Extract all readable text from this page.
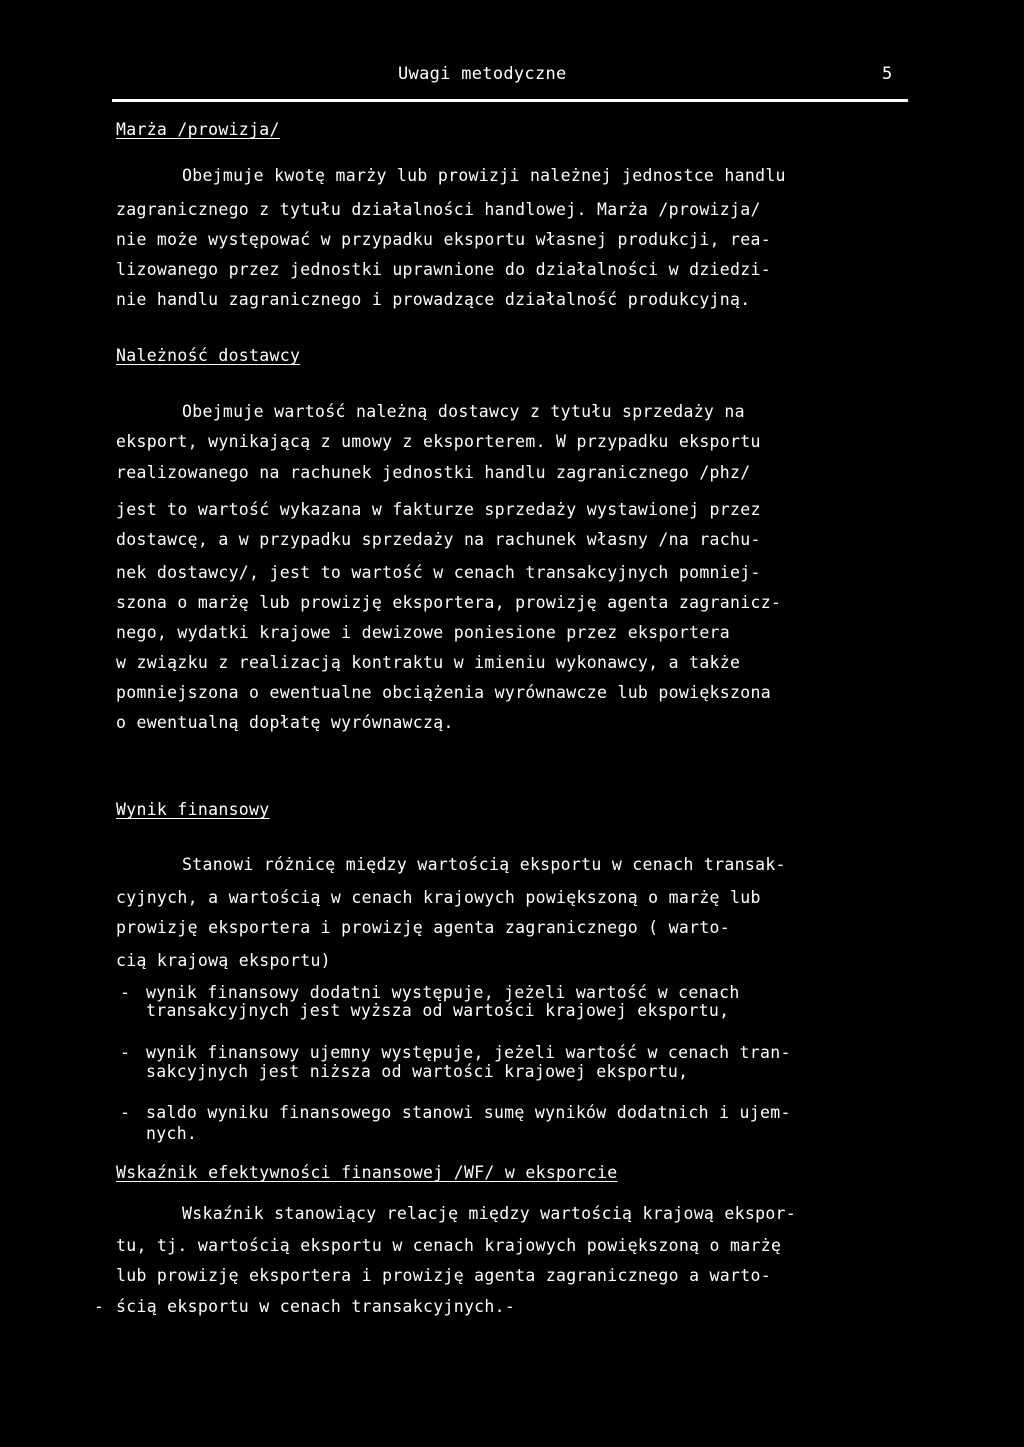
Uwagi metodyczne	5
Marża /prowizja/
Obejmuje kwotę marży lub prowizji należnej jednostce handlu
zagranicznego z tytułu działalności handlowej. Marża /prowizja/
nie może występować w przypadku eksportu własnej produkcji, rea-
lizowanego przez jednostki uprawnione do działalności w dziedzi-
nie handlu zagranicznego i prowadzące działalność produkcyjną.
Należność dostawcy
Obejmuje wartość należną dostawcy z tytułu sprzedaży na
eksport, wynikającą z umowy z eksporterem. W przypadku eksportu
realizowanego na rachunek jednostki handlu zagranicznego /phz/
jest to wartość wykazana w fakturze sprzedaży wystawionej przez
dostawcę, a w przypadku sprzedaży na rachunek własny /na rachu-
nek dostawcy/, jest to wartość w cenach transakcyjnych pomniej-
szona o marżę lub prowizję eksportera, prowizję agenta zagranicz-
nego, wydatki krajowe i dewizowe poniesione przez eksportera
w związku z realizacją kontraktu w imieniu wykonawcy, a także
pomniejszona o ewentualne obciążenia wyrównawcze lub powiększona
o ewentualną dopłatę wyrównawczą.
Wynik finansowy
Stanowi różnicę między wartością eksportu w cenach transak-
cyjnych, a wartością w cenach krajowych powiększoną o marżę lub
prowizję eksportera i prowizję agenta zagranicznego ( warto-
cią krajową eksportu)
- wynik finansowy dodatni występuje, jeżeli wartość w cenach
transakcyjnych jest wyższa od wartości krajowej eksportu,
- wynik finansowy ujemny występuje, jeżeli wartość w cenach tran-
sakcyjnych jest niższa od wartości krajowej eksportu,
- saldo wyniku finansowego stanowi sumę wyników dodatnich i ujem-
nych.
Wskaźnik efektywności finansowej /WF/ w eksporcie
Wskaźnik stanowiący relację między wartością krajową ekspor-
tu, tj. wartością eksportu w cenach krajowych powiększoną o marżę
lub prowizję eksportera i prowizję agenta zagranicznego a warto-
- ścią eksportu w cenach transakcyjnych.-
